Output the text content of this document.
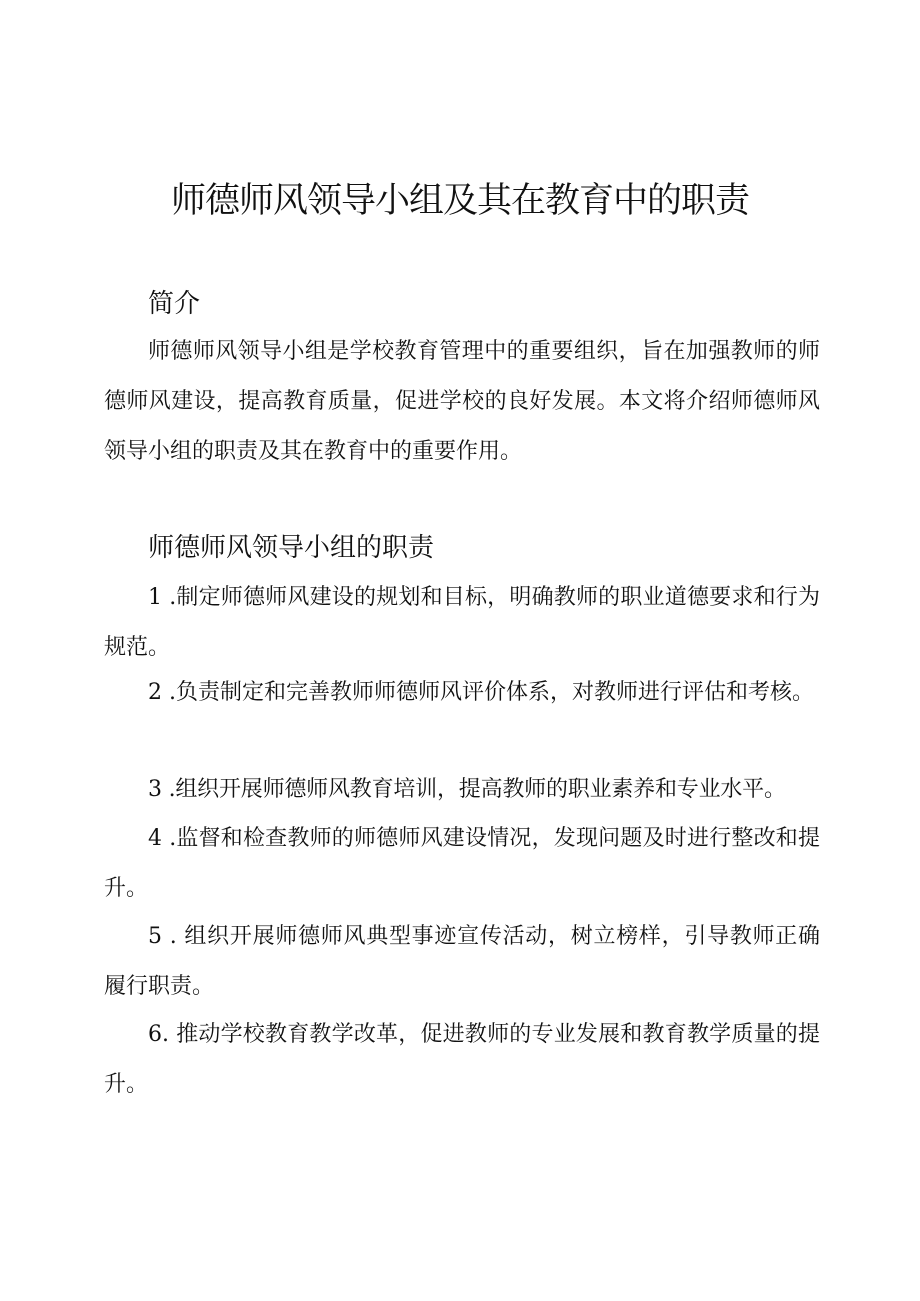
师德师风领导小组及其在教育中的职责
简介

师德师风领导小组是学校教育管理中的重要组织，旨在加强教师的师德师风建设，提高教育质量，促进学校的良好发展。本文将介绍师德师风领导小组的职责及其在教育中的重要作用。

师德师风领导小组的职责

1 .制定师德师风建设的规划和目标，明确教师的职业道德要求和行为规范。

2 .负责制定和完善教师师德师风评价体系，对教师进行评估和考核。

3 .组织开展师德师风教育培训，提高教师的职业素养和专业水平。

4 .监督和检查教师的师德师风建设情况，发现问题及时进行整改和提升。

5 . 组织开展师德师风典型事迹宣传活动，树立榜样，引导教师正确履行职责。

6. 推动学校教育教学改革，促进教师的专业发展和教育教学质量的提升。
